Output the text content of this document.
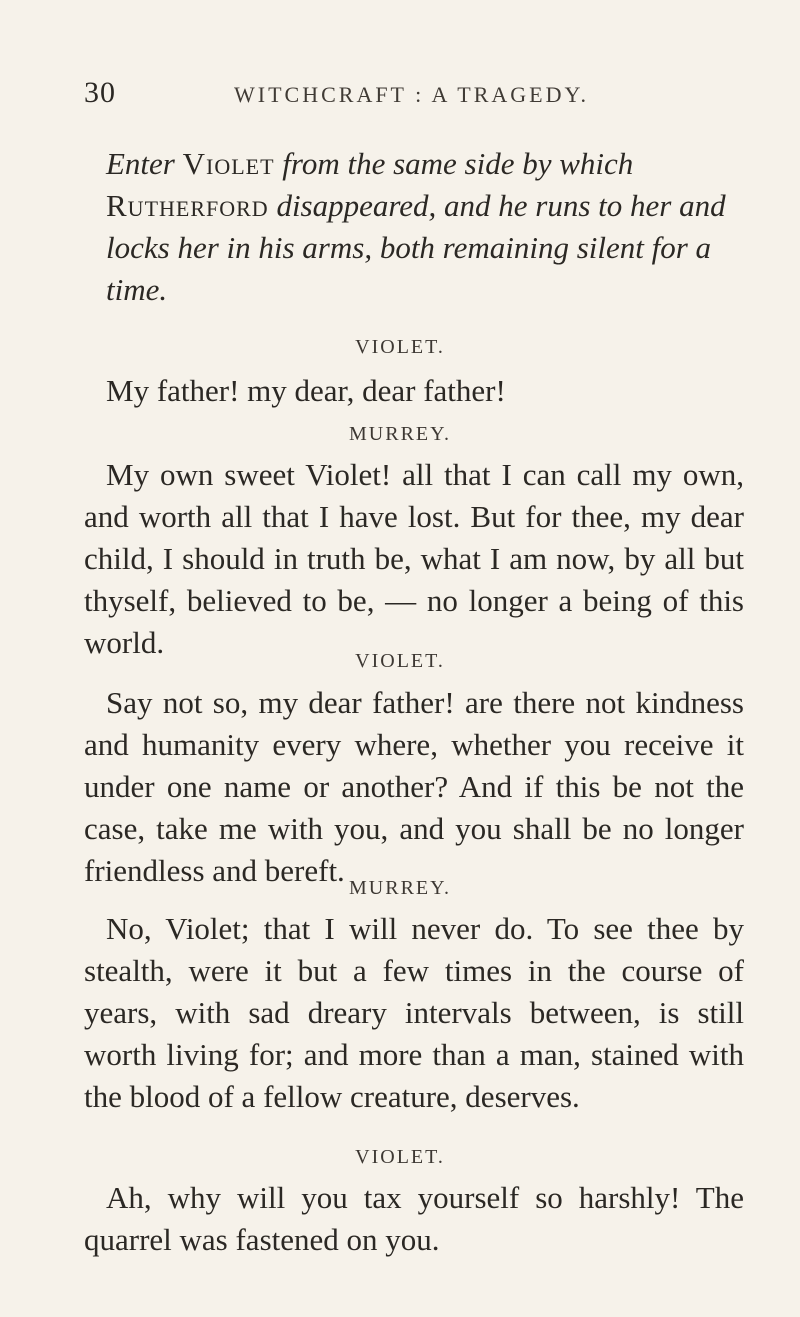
30	WITCHCRAFT : A TRAGEDY.
Enter Violet from the same side by which Rutherford disappeared, and he runs to her and locks her in his arms, both remaining silent for a time.
VIOLET.
My father! my dear, dear father!
MURREY.
My own sweet Violet! all that I can call my own, and worth all that I have lost. But for thee, my dear child, I should in truth be, what I am now, by all but thyself, believed to be, — no longer a being of this world.
VIOLET.
Say not so, my dear father! are there not kindness and humanity every where, whether you receive it under one name or another? And if this be not the case, take me with you, and you shall be no longer friendless and bereft. MURREY.
No, Violet; that I will never do. To see thee by stealth, were it but a few times in the course of years, with sad dreary intervals between, is still worth living for; and more than a man, stained with the blood of a fellow creature, deserves.
VIOLET.
Ah, why will you tax yourself so harshly! The quarrel was fastened on you.
